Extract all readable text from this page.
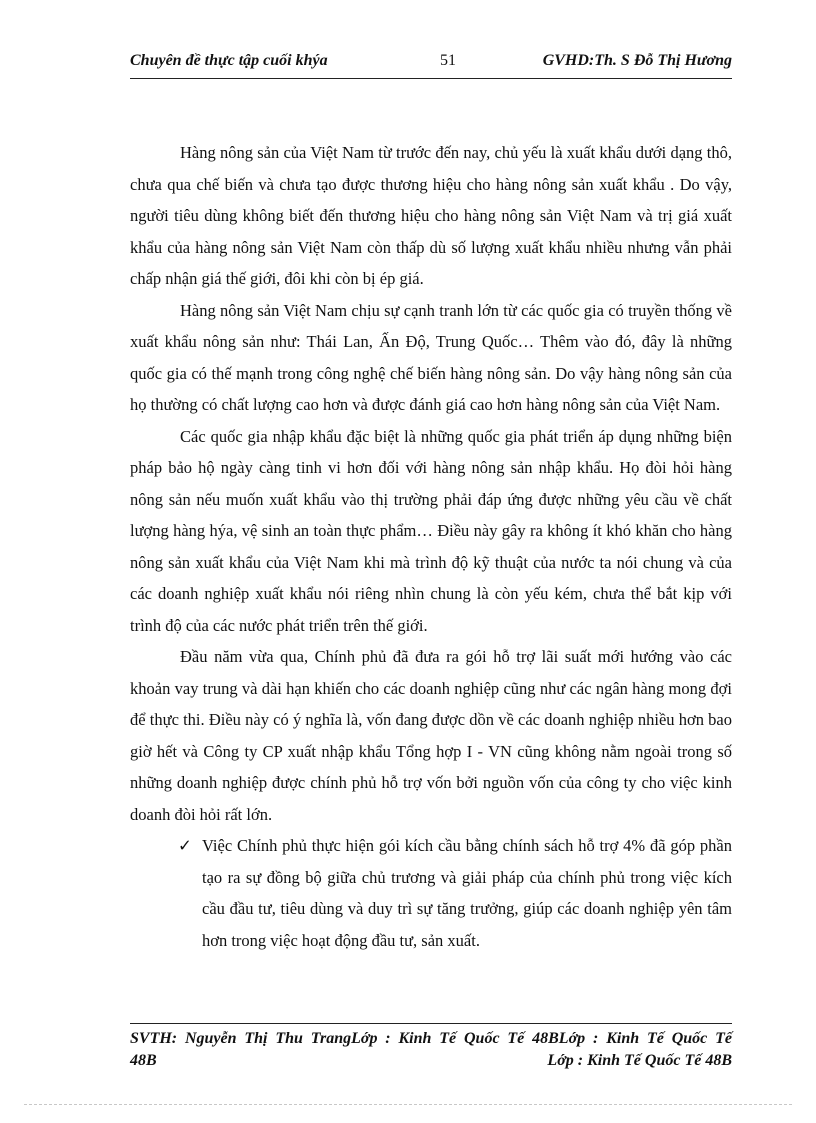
Chuyên đề thực tập cuối khýa	51	GVHD:Th. S Đỗ Thị Hương

Hàng nông sản của Việt Nam từ trước đến nay, chủ yếu là xuất khẩu dưới dạng thô, chưa qua chế biến và chưa tạo được thương hiệu cho hàng nông sản xuất khẩu . Do vậy, người tiêu dùng không biết đến thương hiệu cho hàng nông sản Việt Nam và trị giá xuất khẩu của hàng nông sản Việt Nam còn thấp dù số lượng xuất khẩu nhiều nhưng vẫn phải chấp nhận giá thế giới, đôi khi còn bị ép giá.

Hàng nông sản Việt Nam chịu sự cạnh tranh lớn từ các quốc gia có truyền thống về xuất khẩu nông sản như: Thái Lan, Ấn Độ, Trung Quốc… Thêm vào đó, đây là những quốc gia có thế mạnh trong công nghệ chế biến hàng nông sản. Do vậy hàng nông sản của họ thường có chất lượng cao hơn và được đánh giá cao hơn hàng nông sản của Việt Nam.

Các quốc gia nhập khẩu đặc biệt là những quốc gia phát triển áp dụng những biện pháp bảo hộ ngày càng tinh vi hơn đối với hàng nông sản nhập khẩu. Họ đòi hỏi hàng nông sản nếu muốn xuất khẩu vào thị trường phải đáp ứng được những yêu cầu về chất lượng hàng hýa, vệ sinh an toàn thực phẩm… Điều này gây ra không ít khó khăn cho hàng nông sản xuất khẩu của Việt Nam khi mà trình độ kỹ thuật của nước ta nói chung và của các doanh nghiệp xuất khẩu nói riêng nhìn chung là còn yếu kém, chưa thể bắt kịp với trình độ của các nước phát triển trên thế giới.

Đầu năm vừa qua, Chính phủ đã đưa ra gói hỗ trợ lãi suất mới hướng vào các khoản vay trung và dài hạn khiến cho các doanh nghiệp cũng như các ngân hàng mong đợi để thực thi. Điều này có ý nghĩa là, vốn đang được dồn về các doanh nghiệp nhiều hơn bao giờ hết và Công ty CP xuất nhập khẩu Tổng hợp I - VN cũng không nằm ngoài trong số những doanh nghiệp được chính phủ hỗ trợ vốn bởi nguồn vốn của công ty cho việc kinh doanh đòi hỏi rất lớn.

✓ Việc Chính phủ thực hiện gói kích cầu bằng chính sách hỗ trợ 4% đã góp phần tạo ra sự đồng bộ giữa chủ trương và giải pháp của chính phủ trong việc kích cầu đầu tư, tiêu dùng và duy trì sự tăng trưởng, giúp các doanh nghiệp yên tâm hơn trong việc hoạt động đầu tư, sản xuất.
SVTH: Nguyễn Thị Thu TrangLớp : Kinh Tế Quốc Tế 48BLớp : Kinh Tế Quốc Tế
48B	Lớp : Kinh Tế Quốc Tế 48B
